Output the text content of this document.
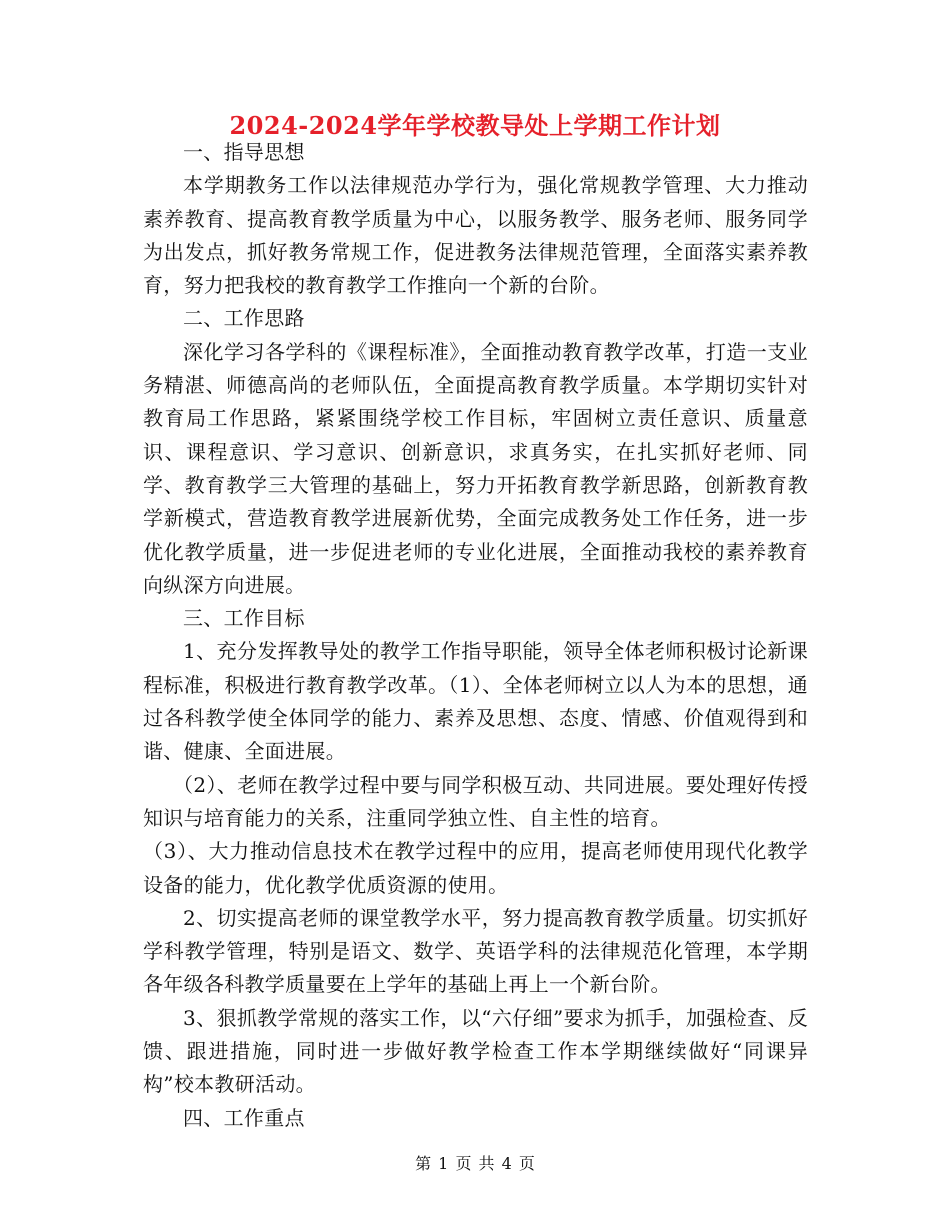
2024-2024学年学校教导处上学期工作计划

一、指导思想

本学期教务工作以法律规范办学行为，强化常规教学管理、大力推动素养教育、提高教育教学质量为中心，以服务教学、服务老师、服务同学为出发点，抓好教务常规工作，促进教务法律规范管理，全面落实素养教育，努力把我校的教育教学工作推向一个新的台阶。

二、工作思路

深化学习各学科的《课程标准》，全面推动教育教学改革，打造一支业务精湛、师德高尚的老师队伍，全面提高教育教学质量。本学期切实针对教育局工作思路，紧紧围绕学校工作目标，牢固树立责任意识、质量意识、课程意识、学习意识、创新意识，求真务实，在扎实抓好老师、同学、教育教学三大管理的基础上，努力开拓教育教学新思路，创新教育教学新模式，营造教育教学进展新优势，全面完成教务处工作任务，进一步优化教学质量，进一步促进老师的专业化进展，全面推动我校的素养教育向纵深方向进展。

三、工作目标

1、充分发挥教导处的教学工作指导职能，领导全体老师积极讨论新课程标准，积极进行教育教学改革。（1）、全体老师树立以人为本的思想，通过各科教学使全体同学的能力、素养及思想、态度、情感、价值观得到和谐、健康、全面进展。

（2）、老师在教学过程中要与同学积极互动、共同进展。要处理好传授知识与培育能力的关系，注重同学独立性、自主性的培育。

（3）、大力推动信息技术在教学过程中的应用，提高老师使用现代化教学设备的能力，优化教学优质资源的使用。

2、切实提高老师的课堂教学水平，努力提高教育教学质量。切实抓好学科教学管理，特别是语文、数学、英语学科的法律规范化管理，本学期各年级各科教学质量要在上学年的基础上再上一个新台阶。

3、狠抓教学常规的落实工作，以“六仔细”要求为抓手，加强检查、反馈、跟进措施，同时进一步做好教学检查工作本学期继续做好“同课异构”校本教研活动。

四、工作重点

第 1 页 共 4 页
